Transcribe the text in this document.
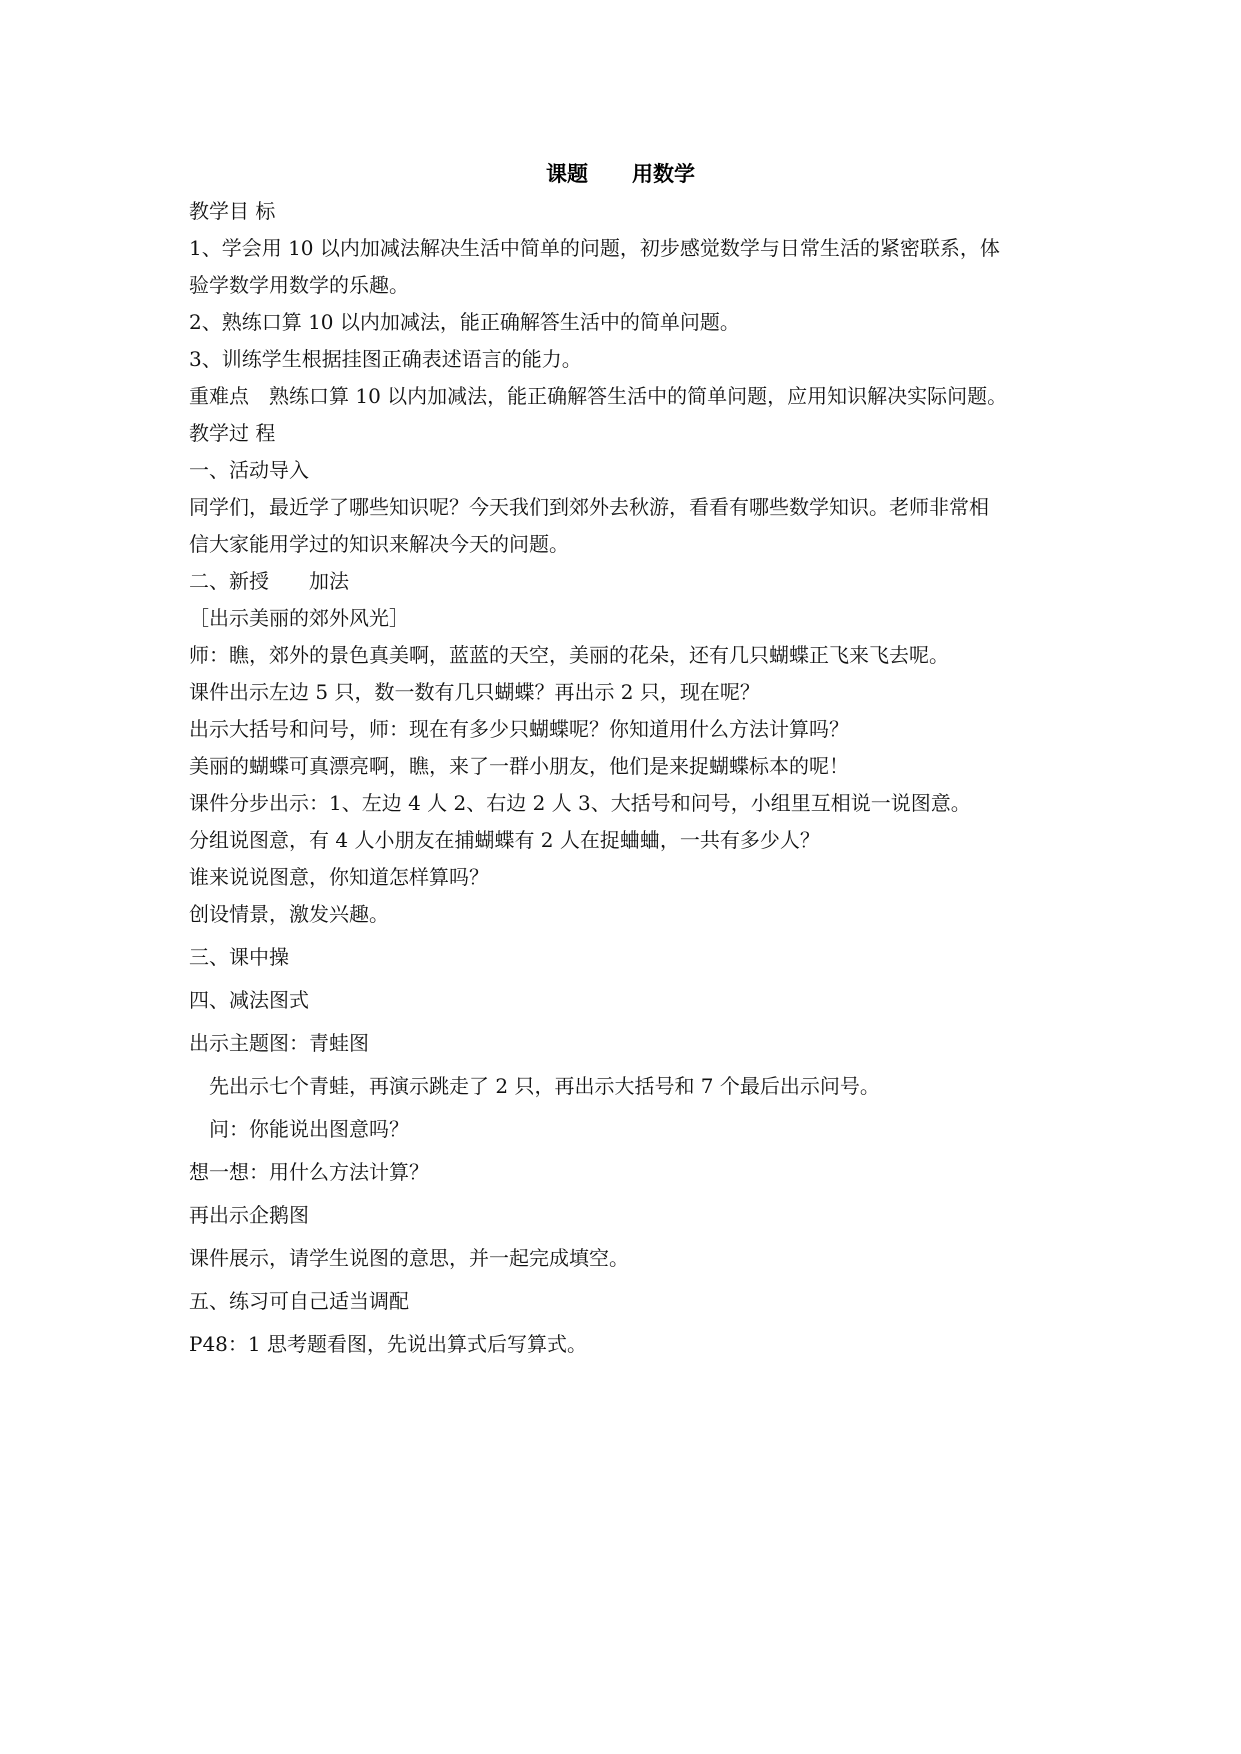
课题 用数学
教学目 标
1、学会用 10 以内加减法解决生活中简单的问题，初步感觉数学与日常生活的紧密联系，体
验学数学用数学的乐趣。
2、熟练口算 10 以内加减法，能正确解答生活中的简单问题。
3、训练学生根据挂图正确表述语言的能力。
重难点　熟练口算 10 以内加减法，能正确解答生活中的简单问题，应用知识解决实际问题。
教学过 程
一、活动导入
同学们，最近学了哪些知识呢？今天我们到郊外去秋游，看看有哪些数学知识。老师非常相
信大家能用学过的知识来解决今天的问题。
二、新授　　加法
［出示美丽的郊外风光］
师：瞧，郊外的景色真美啊，蓝蓝的天空，美丽的花朵，还有几只蝴蝶正飞来飞去呢。
课件出示左边 5 只，数一数有几只蝴蝶？再出示 2 只，现在呢？
出示大括号和问号，师：现在有多少只蝴蝶呢？你知道用什么方法计算吗？
美丽的蝴蝶可真漂亮啊，瞧，来了一群小朋友，他们是来捉蝴蝶标本的呢！
课件分步出示：1、左边 4 人 2、右边 2 人 3、大括号和问号，小组里互相说一说图意。
分组说图意，有 4 人小朋友在捕蝴蝶有 2 人在捉蛐蛐，一共有多少人？
谁来说说图意，你知道怎样算吗？
创设情景，激发兴趣。
三、课中操
四、减法图式
出示主题图：青蛙图
　先出示七个青蛙，再演示跳走了 2 只，再出示大括号和 7 个最后出示问号。
　问：你能说出图意吗？
想一想：用什么方法计算？
再出示企鹅图
课件展示，请学生说图的意思，并一起完成填空。
五、练习可自己适当调配
P48：1 思考题看图，先说出算式后写算式。
